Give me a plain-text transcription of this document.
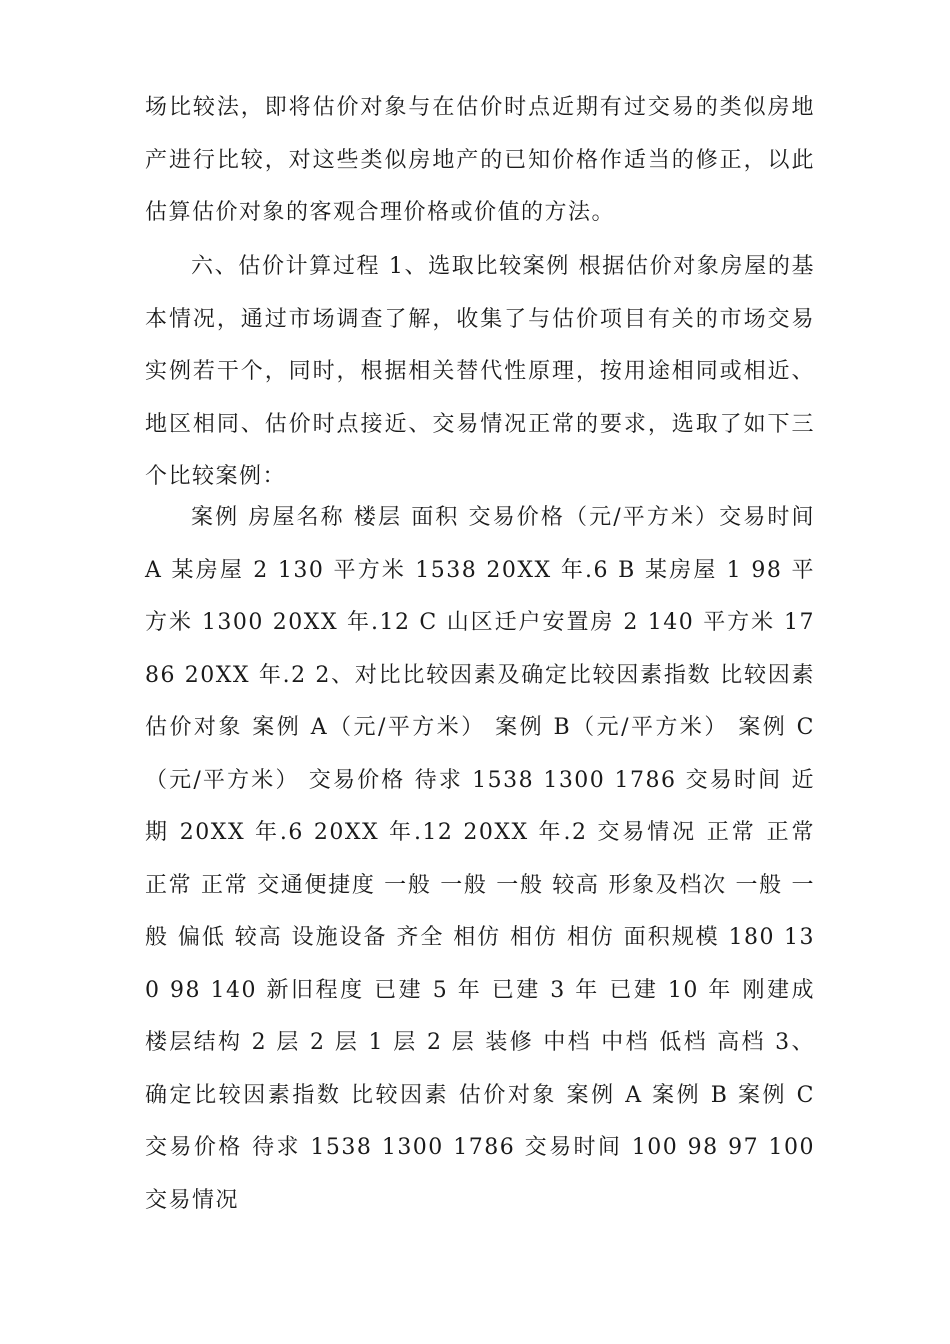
场比较法，即将估价对象与在估价时点近期有过交易的类似房地产进行比较，对这些类似房地产的已知价格作适当的修正，以此估算估价对象的客观合理价格或价值的方法。

六、估价计算过程 1、选取比较案例 根据估价对象房屋的基本情况，通过市场调查了解，收集了与估价项目有关的市场交易实例若干个，同时，根据相关替代性原理，按用途相同或相近、地区相同、估价时点接近、交易情况正常的要求，选取了如下三个比较案例：

案例 房屋名称 楼层 面积 交易价格（元/平方米）交易时间 A 某房屋 2 130 平方米 1538 20XX 年.6 B 某房屋 1 98 平方米 1300 20XX 年.12 C 山区迁户安置房 2 140 平方米 1786 20XX 年.2 2、对比比较因素及确定比较因素指数 比较因素 估价对象 案例 A（元/平方米） 案例 B（元/平方米） 案例 C（元/平方米） 交易价格 待求 1538 1300 1786 交易时间 近期 20XX 年.6 20XX 年.12 20XX 年.2 交易情况 正常 正常 正常 正常 交通便捷度 一般 一般 一般 较高 形象及档次 一般 一般 偏低 较高 设施设备 齐全 相仿 相仿 相仿 面积规模 180 130 98 140 新旧程度 已建 5 年 已建 3 年 已建 10 年 刚建成 楼层结构 2 层 2 层 1 层 2 层 装修 中档 中档 低档 高档 3、 确定比较因素指数 比较因素 估价对象 案例 A 案例 B 案例 C 交易价格 待求 1538 1300 1786 交易时间 100 98 97 100 交易情况
